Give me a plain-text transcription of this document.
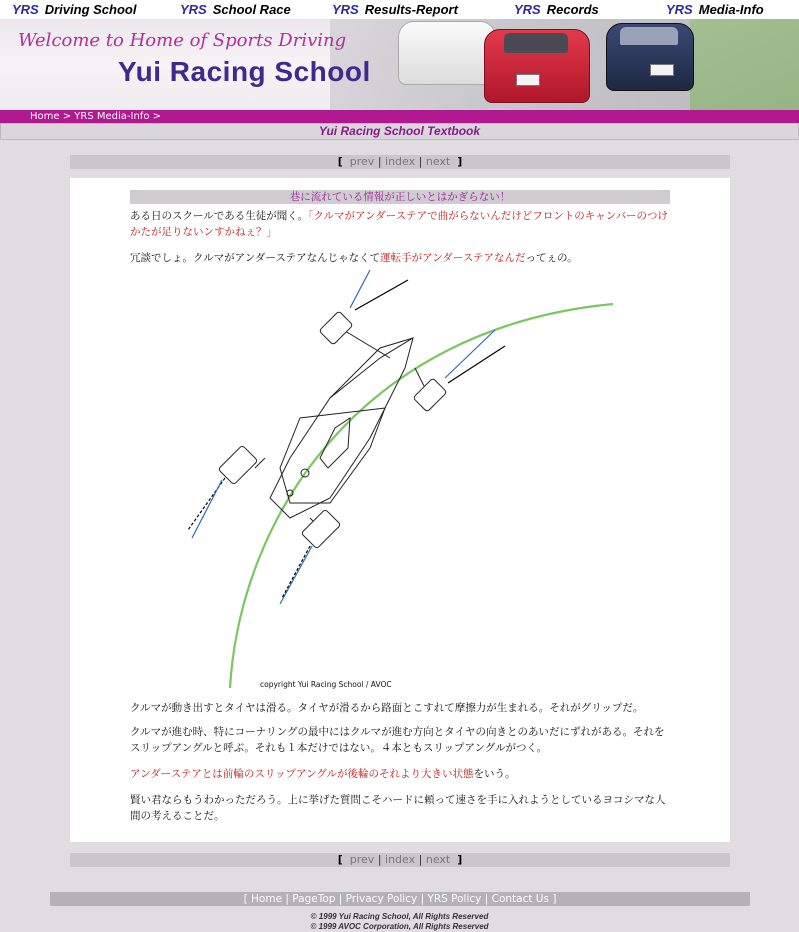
YRS Driving School	YRS School Race	YRS Results-Report	YRS Records	YRS Media-Info
Welcome to Home of Sports Driving
Yui Racing School
Home > YRS Media-Info >
Yui Racing School Textbook
[ prev | index | next ]
巷に流れている情報が正しいとはかぎらない！
ある日のスクールである生徒が聞く。「クルマがアンダーステアで曲がらないんだけどフロントのキャンバーのつけかたが足りないンすかねぇ？」
冗談でしょ。クルマがアンダーステアなんじゃなくて運転手がアンダーステアなんだってぇの。
copyright Yui Racing School / AVOC
クルマが動き出すとタイヤは滑る。タイヤが滑るから路面とこすれて摩擦力が生まれる。それがグリップだ。
クルマが進む時、特にコーナリングの最中にはクルマが進む方向とタイヤの向きとのあいだにずれがある。それをスリップアングルと呼ぶ。それも１本だけではない。４本ともスリップアングルがつく。
アンダーステアとは前輪のスリップアングルが後輪のそれより大きい状態をいう。
賢い君ならもうわかっただろう。上に挙げた質問こそハードに頼って速さを手に入れようとしているヨコシマな人間の考えることだ。
[ prev | index | next ]
[ Home | PageTop | Privacy Policy | YRS Policy | Contact Us ]
© 1999 Yui Racing School, All Rights Reserved
© 1999 AVOC Corporation, All Rights Reserved
